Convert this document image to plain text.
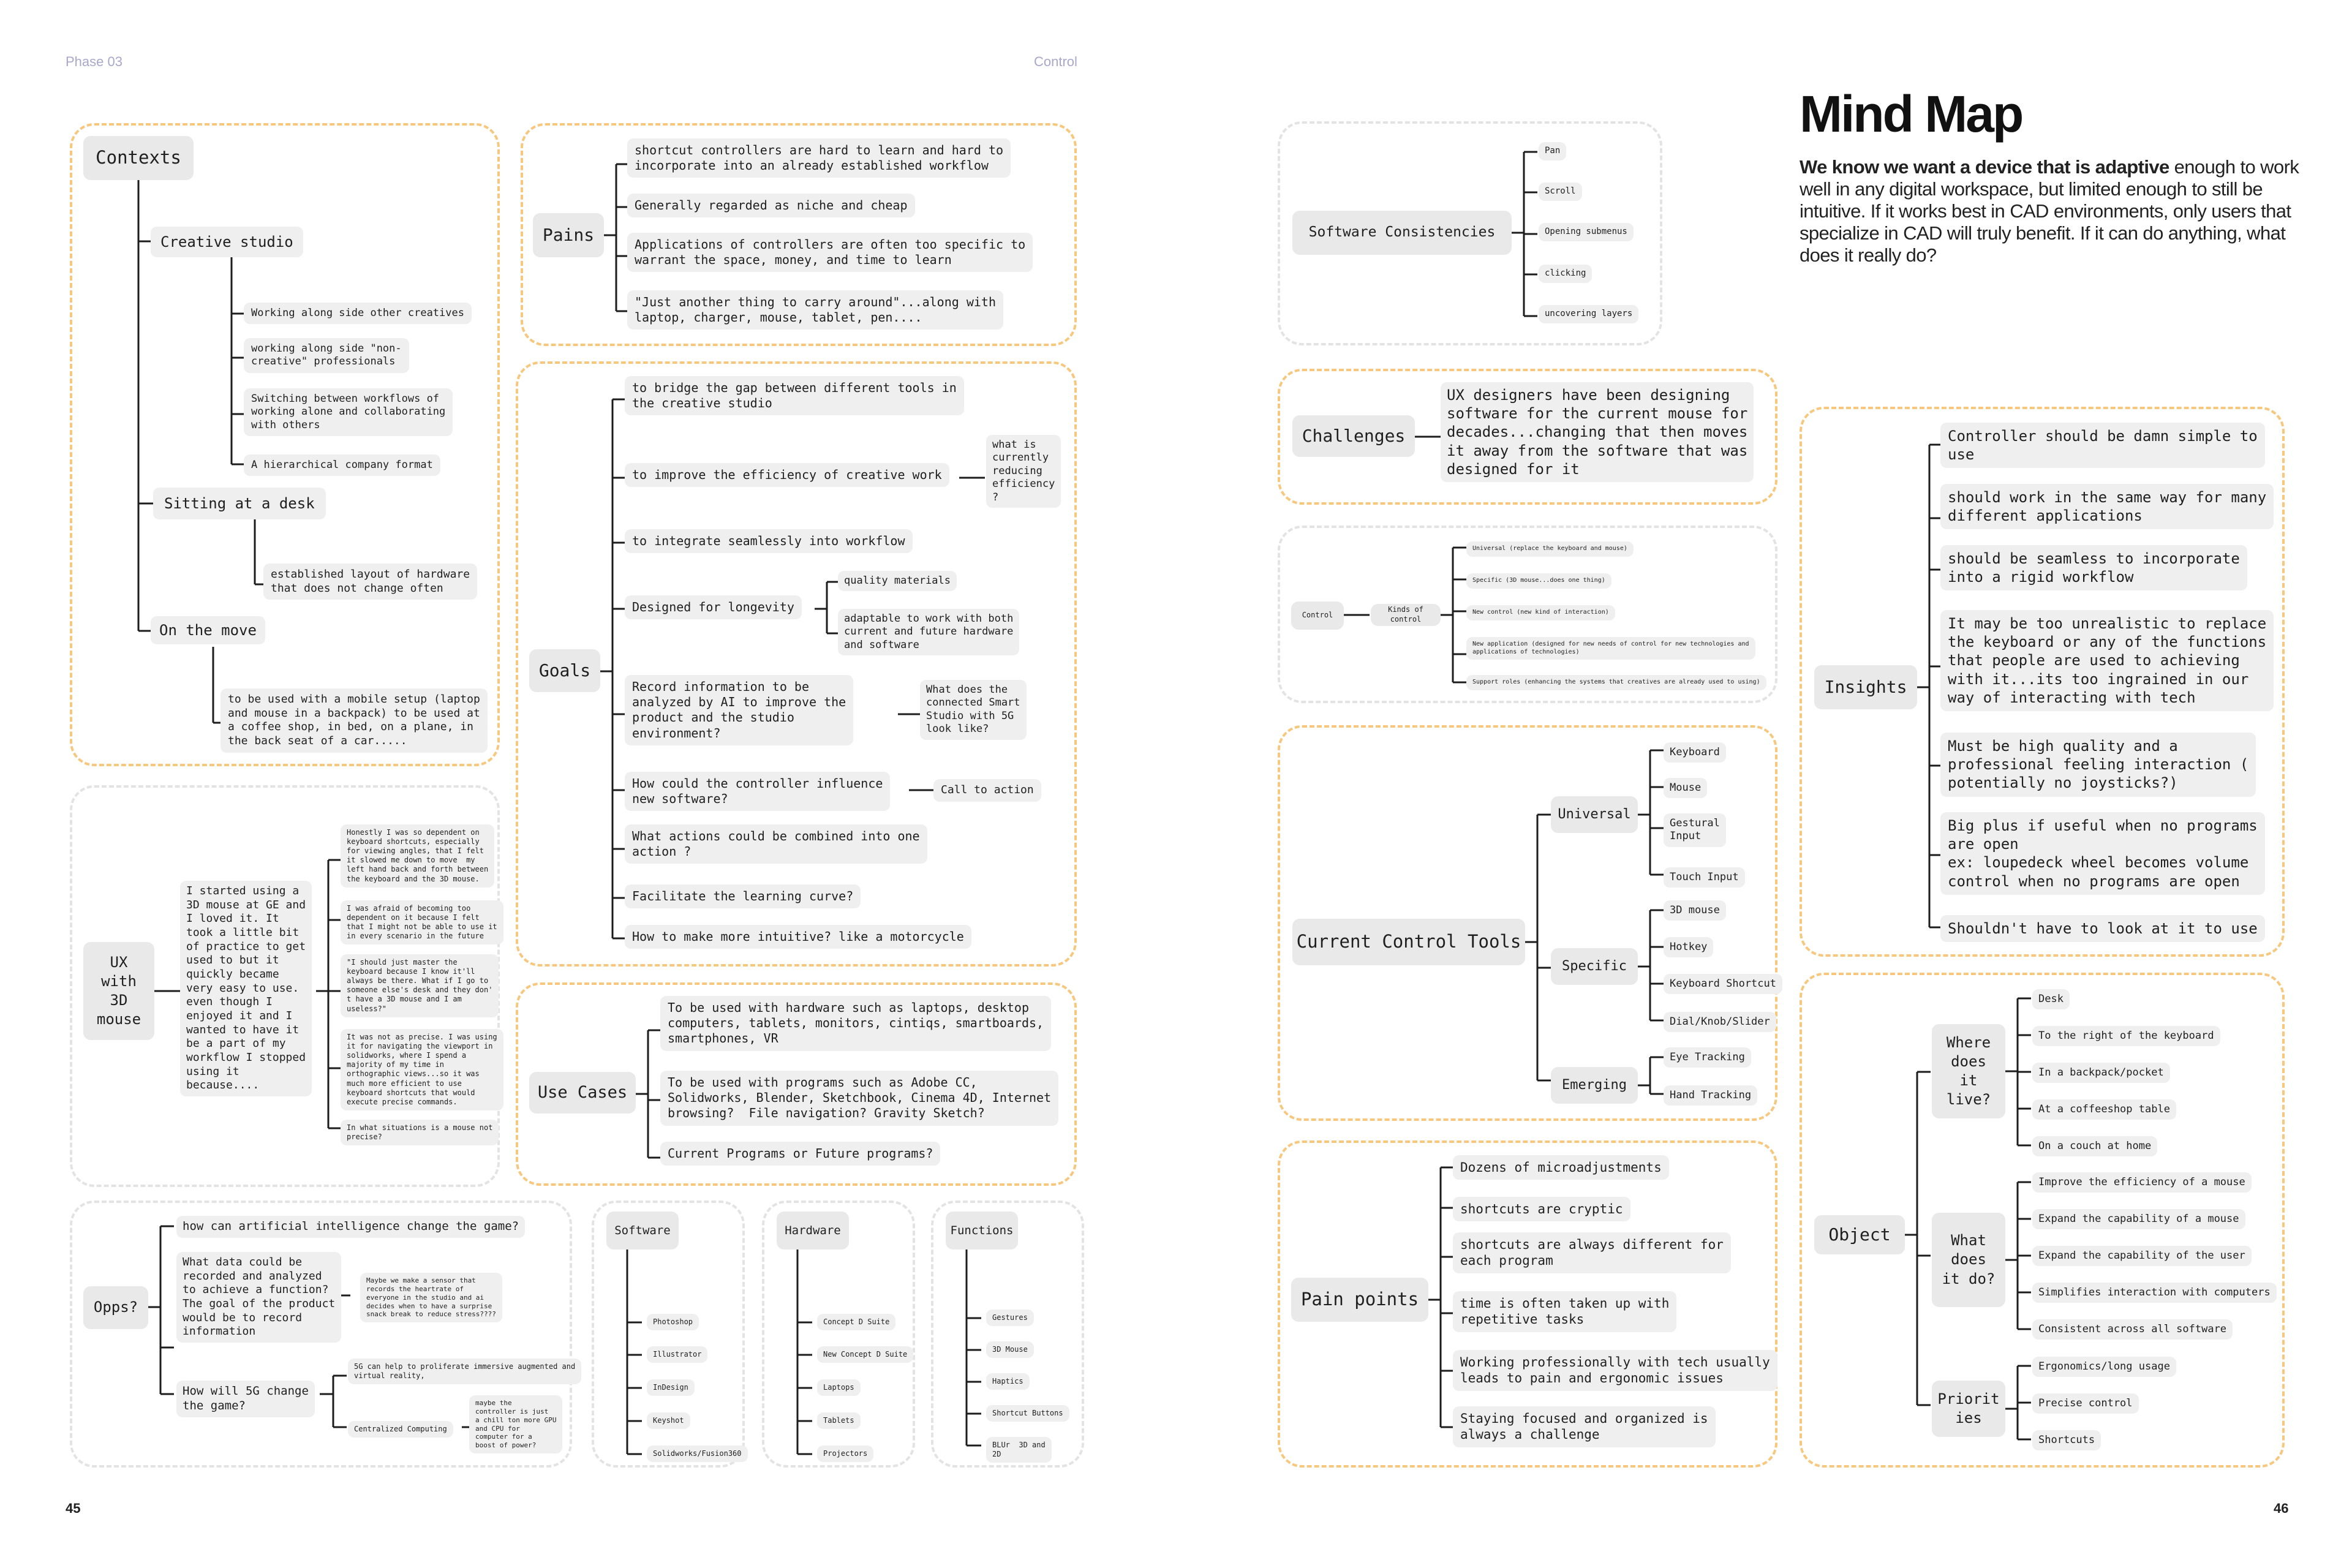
Phase 03	Control
45	46
Mind Map
We know we want a device that is adaptive enough to work well in any digital workspace, but limited enough to still be intuitive. If it works best in CAD environments, only users that specialize in CAD will truly benefit. If it can do anything, what does it really do?
Contexts
Creative studio
Working along side other creatives
working along side "non-
creative" professionals
Switching between workflows of
working alone and collaborating
with others
A hierarchical company format
Sitting at a desk
established layout of hardware
that does not change often
On the move
to be used with a mobile setup (laptop
and mouse in a backpack) to be used at
a coffee shop, in bed, on a plane, in
the back seat of a car.....
UX
with
3D
mouse
I started using a
3D mouse at GE and
I loved it. It
took a little bit
of practice to get
used to but it
quickly became
very easy to use.
even though I
enjoyed it and I
wanted to have it
be a part of my
workflow I stopped
using it
because....
Honestly I was so dependent on
keyboard shortcuts, especially
for viewing angles, that I felt
it slowed me down to move  my
left hand back and forth between
the keyboard and the 3D mouse.
I was afraid of becoming too
dependent on it because I felt
that I might not be able to use it
in every scenario in the future
"I should just master the
keyboard because I know it'll
always be there. What if I go to
someone else's desk and they don'
t have a 3D mouse and I am
useless?"
It was not as precise. I was using
it for navigating the viewport in
solidworks, where I spend a
majority of my time in
orthographic views...so it was
much more efficient to use
keyboard shortcuts that would
execute precise commands.
In what situations is a mouse not
precise?
Opps?
how can artificial intelligence change the game?
What data could be
recorded and analyzed
to achieve a function?
The goal of the product
would be to record
information
Maybe we make a sensor that
records the heartrate of
everyone in the studio and ai
decides when to have a surprise
snack break to reduce stress????
How will 5G change
the game?
5G can help to proliferate immersive augmented and
virtual reality,
Centralized Computing
maybe the
controller is just
a chill ton more GPU
and CPU for
computer for a
boost of power?
Software
Photoshop
Illustrator
InDesign
Keyshot
Solidworks/Fusion360
Hardware
Concept D Suite
New Concept D Suite
Laptops
Tablets
Projectors
Functions
Gestures
3D Mouse
Haptics
Shortcut Buttons
BLUr  3D and
2D
Pains
shortcut controllers are hard to learn and hard to
incorporate into an already established workflow
Generally regarded as niche and cheap
Applications of controllers are often too specific to
warrant the space, money, and time to learn
"Just another thing to carry around"...along with
laptop, charger, mouse, tablet, pen....
Goals
to bridge the gap between different tools in
the creative studio
to improve the efficiency of creative work
to integrate seamlessly into workflow
Designed for longevity
Record information to be
analyzed by AI to improve the
product and the studio
environment?
How could the controller influence
new software?
What actions could be combined into one
action ?
Facilitate the learning curve?
How to make more intuitive? like a motorcycle
what is
currently
reducing
efficiency
?
quality materials
adaptable to work with both
current and future hardware
and software
What does the
connected Smart
Studio with 5G
look like?
Call to action
Use Cases
To be used with hardware such as laptops, desktop
computers, tablets, monitors, cintiqs, smartboards,
smartphones, VR
To be used with programs such as Adobe CC,
Solidworks, Blender, Sketchbook, Cinema 4D, Internet
browsing?  File navigation? Gravity Sketch?
Current Programs or Future programs?
Software Consistencies
Pan
Scroll
Opening submenus
clicking
uncovering layers
Challenges
UX designers have been designing
software for the current mouse for
decades...changing that then moves
it away from the software that was
designed for it
Control
Kinds of control
Universal (replace the keyboard and mouse)
Specific (3D mouse...does one thing)
New control (new kind of interaction)
New application (designed for new needs of control for new technologies and
applications of technologies)
Support roles (enhancing the systems that creatives are already used to using)
Current Control Tools
Universal
Keyboard
Mouse
Gestural
Input
Touch Input
Specific
3D mouse
Hotkey
Keyboard Shortcut
Dial/Knob/Slider
Emerging
Eye Tracking
Hand Tracking
Pain points
Dozens of microadjustments
shortcuts are cryptic
shortcuts are always different for
each program
time is often taken up with
repetitive tasks
Working professionally with tech usually
leads to pain and ergonomic issues
Staying focused and organized is
always a challenge
Insights
Controller should be damn simple to
use
should work in the same way for many
different applications
should be seamless to incorporate
into a rigid workflow
It may be too unrealistic to replace
the keyboard or any of the functions
that people are used to achieving
with it...its too ingrained in our
way of interacting with tech
Must be high quality and a
professional feeling interaction (
potentially no joysticks?)
Big plus if useful when no programs
are open
ex: loupedeck wheel becomes volume
control when no programs are open
Shouldn't have to look at it to use
Object
Where
does
it
live?
Desk
To the right of the keyboard
In a backpack/pocket
At a coffeeshop table
On a couch at home
What
does
it do?
Improve the efficiency of a mouse
Expand the capability of a mouse
Expand the capability of the user
Simplifies interaction with computers
Consistent across all software
Priorit
ies
Ergonomics/long usage
Precise control
Shortcuts
